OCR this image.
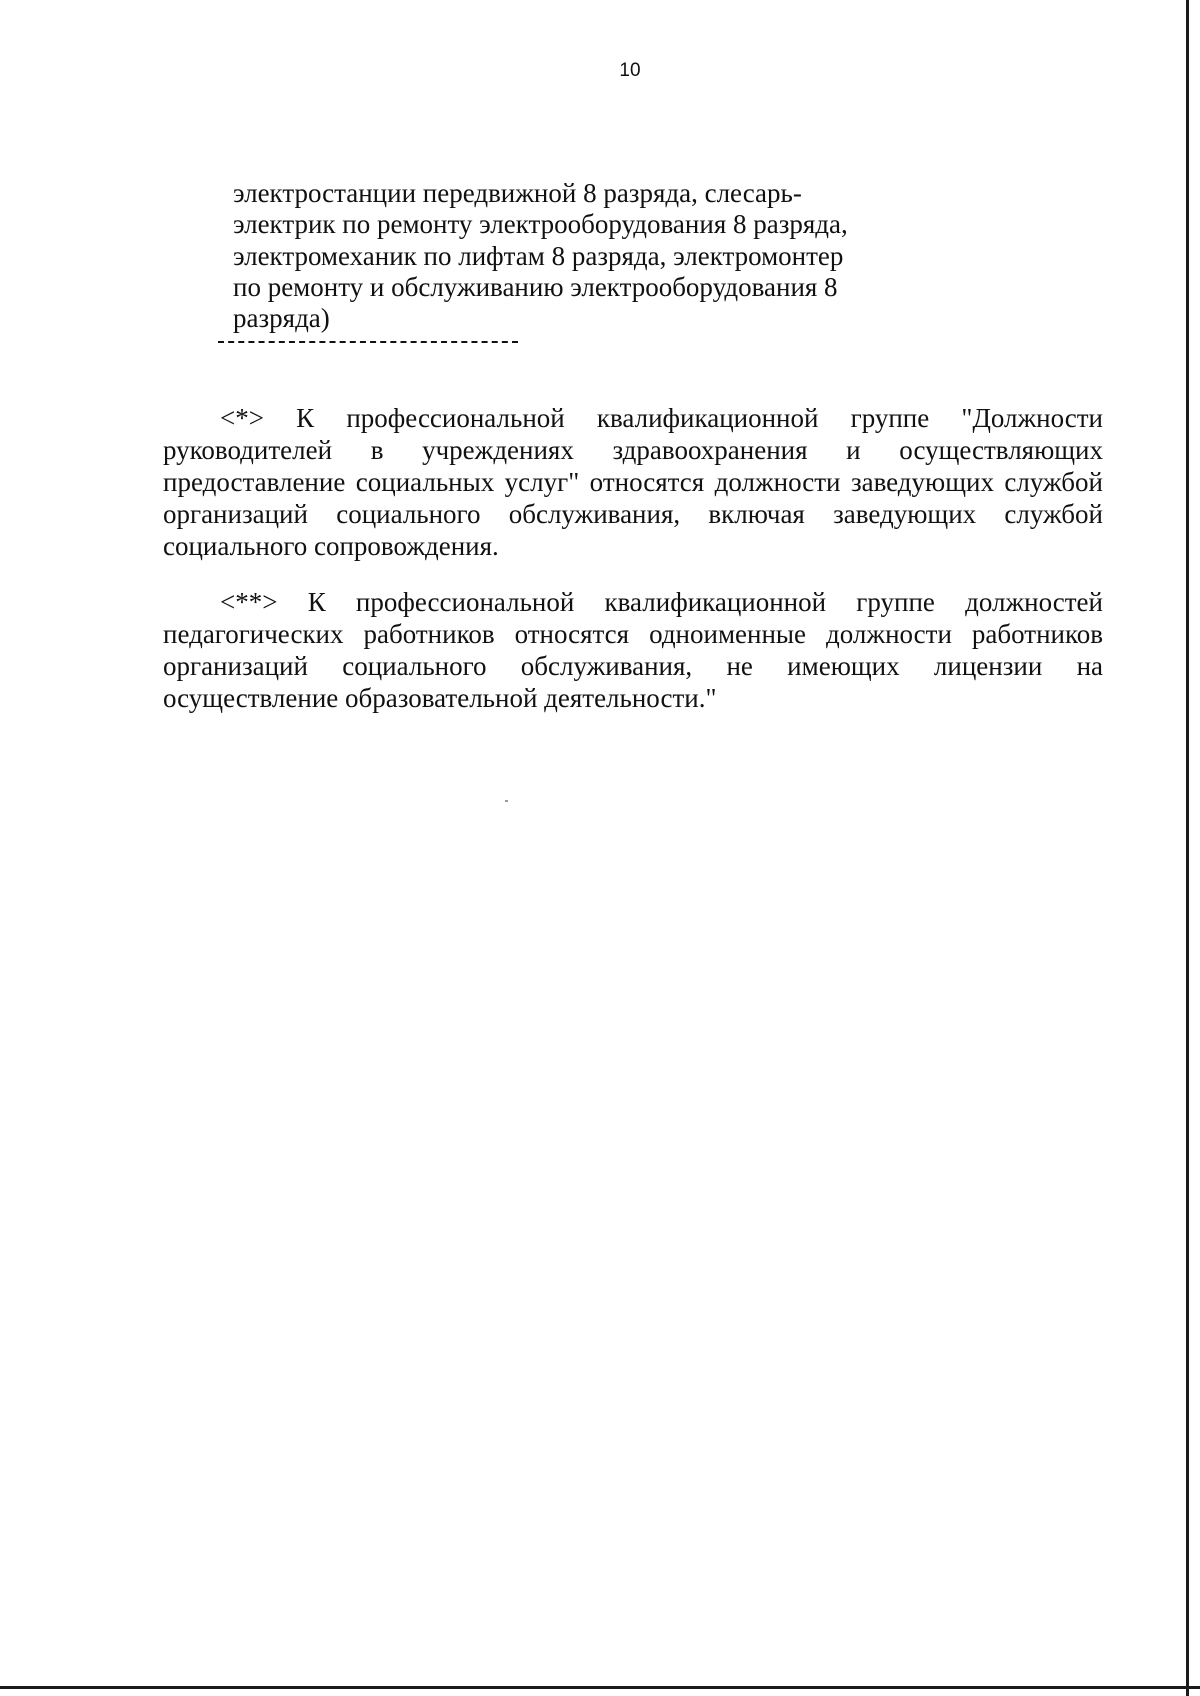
10
электростанции передвижной 8 разряда, слесарь-
электрик по ремонту электрооборудования 8 разряда,
электромеханик по лифтам 8 разряда, электромонтер
по ремонту и обслуживанию электрооборудования 8
разряда)

<*> К профессиональной квалификационной группе "Должности руководителей в учреждениях здравоохранения и осуществляющих предоставление социальных услуг" относятся должности заведующих службой организаций социального обслуживания, включая заведующих службой социального сопровождения.

<**> К профессиональной квалификационной группе должностей педагогических работников относятся одноименные должности работников организаций социального обслуживания, не имеющих лицензии на осуществление образовательной деятельности."
